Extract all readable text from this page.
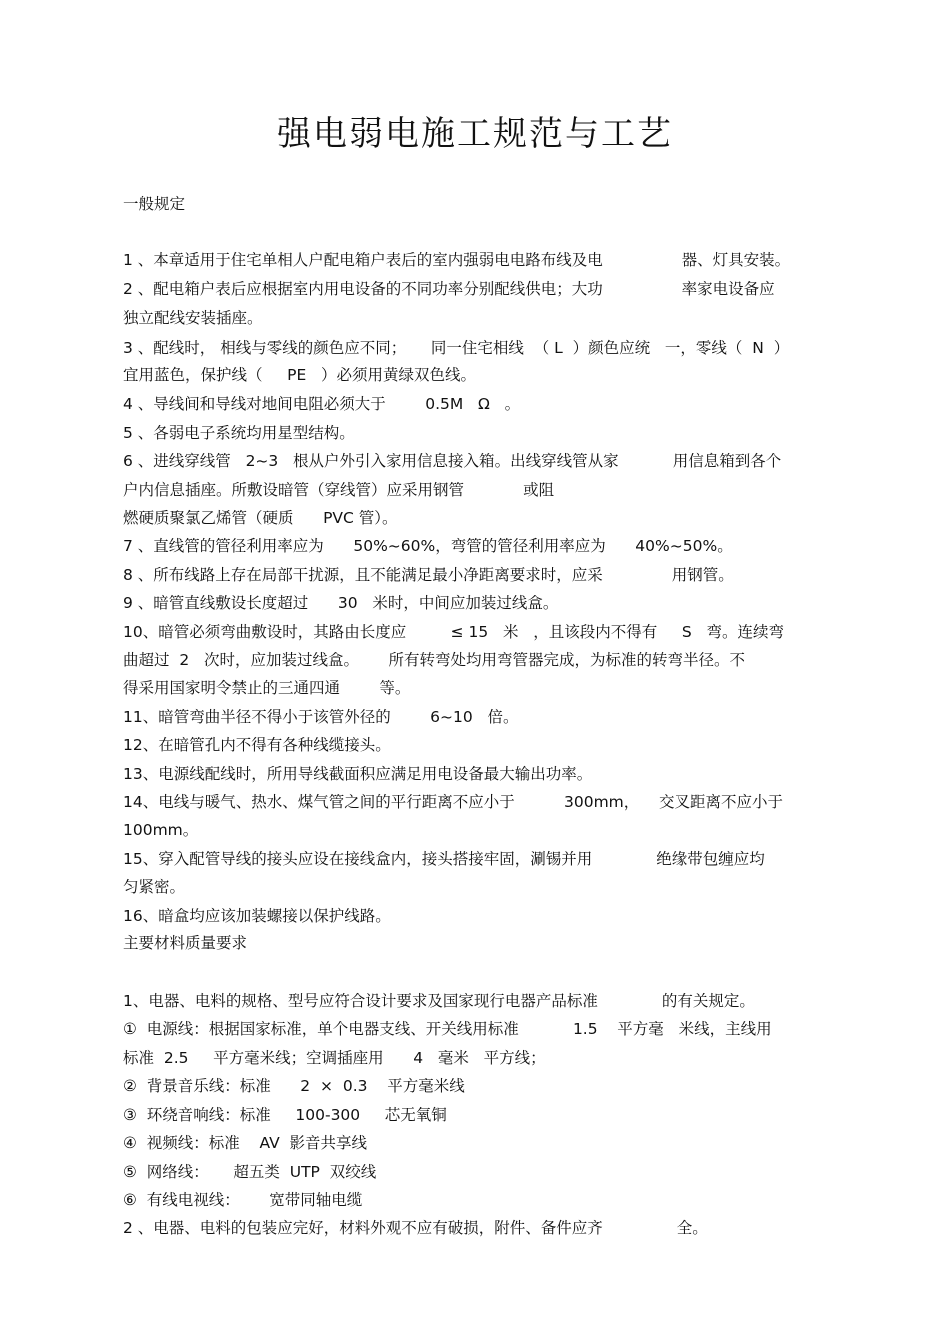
强电弱电施工规范与工艺
一般规定
1 、本章适用于住宅单相人户配电箱户表后的室内强弱电电路布线及电                器、灯具安装。
2 、配电箱户表后应根据室内用电设备的不同功率分别配线供电；大功                率家电设备应
独立配线安装插座。
3 、配线时， 相线与零线的颜色应不同；     同一住宅相线  （ L  ）颜色应统   一，零线（  N  ）
宜用蓝色，保护线（     PE   ）必须用黄绿双色线。
4 、导线间和导线对地间电阻必须大于        0.5M   Ω   。
5 、各弱电子系统均用星型结构。
6 、进线穿线管   2~3   根从户外引入家用信息接入箱。出线穿线管从家           用信息箱到各个
户内信息插座。所敷设暗管（穿线管）应采用钢管            或阻
燃硬质聚氯乙烯管（硬质      PVC 管）。
7 、直线管的管径利用率应为      50%~60%，弯管的管径利用率应为      40%~50%。
8 、所布线路上存在局部干扰源，且不能满足最小净距离要求时，应采              用钢管。
9 、暗管直线敷设长度超过      30   米时，中间应加装过线盒。
10、暗管必须弯曲敷设时，其路由长度应         ≤ 15   米   ，且该段内不得有     S   弯。连续弯
曲超过  2   次时，应加装过线盒。      所有转弯处均用弯管器完成，为标准的转弯半径。不
得采用国家明令禁止的三通四通        等。
11、暗管弯曲半径不得小于该管外径的        6~10   倍。
12、在暗管孔内不得有各种线缆接头。
13、电源线配线时，所用导线截面积应满足用电设备最大输出功率。
14、电线与暖气、热水、煤气管之间的平行距离不应小于          300mm，    交叉距离不应小于
100mm。
15、穿入配管导线的接头应设在接线盒内，接头搭接牢固，涮锡并用             绝缘带包缠应均
匀紧密。
16、暗盒均应该加装螺接以保护线路。
主要材料质量要求
1、电器、电料的规格、型号应符合设计要求及国家现行电器产品标准             的有关规定。
①  电源线：根据国家标准，单个电器支线、开关线用标准           1.5    平方毫   米线，主线用
标准  2.5     平方毫米线；空调插座用      4   毫米   平方线；
②  背景音乐线：标准      2  ×  0.3    平方毫米线
③  环绕音响线：标准     100-300     芯无氧铜
④  视频线：标准    AV  影音共享线
⑤  网络线：     超五类  UTP  双绞线
⑥  有线电视线：      宽带同轴电缆
2 、电器、电料的包装应完好，材料外观不应有破损，附件、备件应齐               全。
